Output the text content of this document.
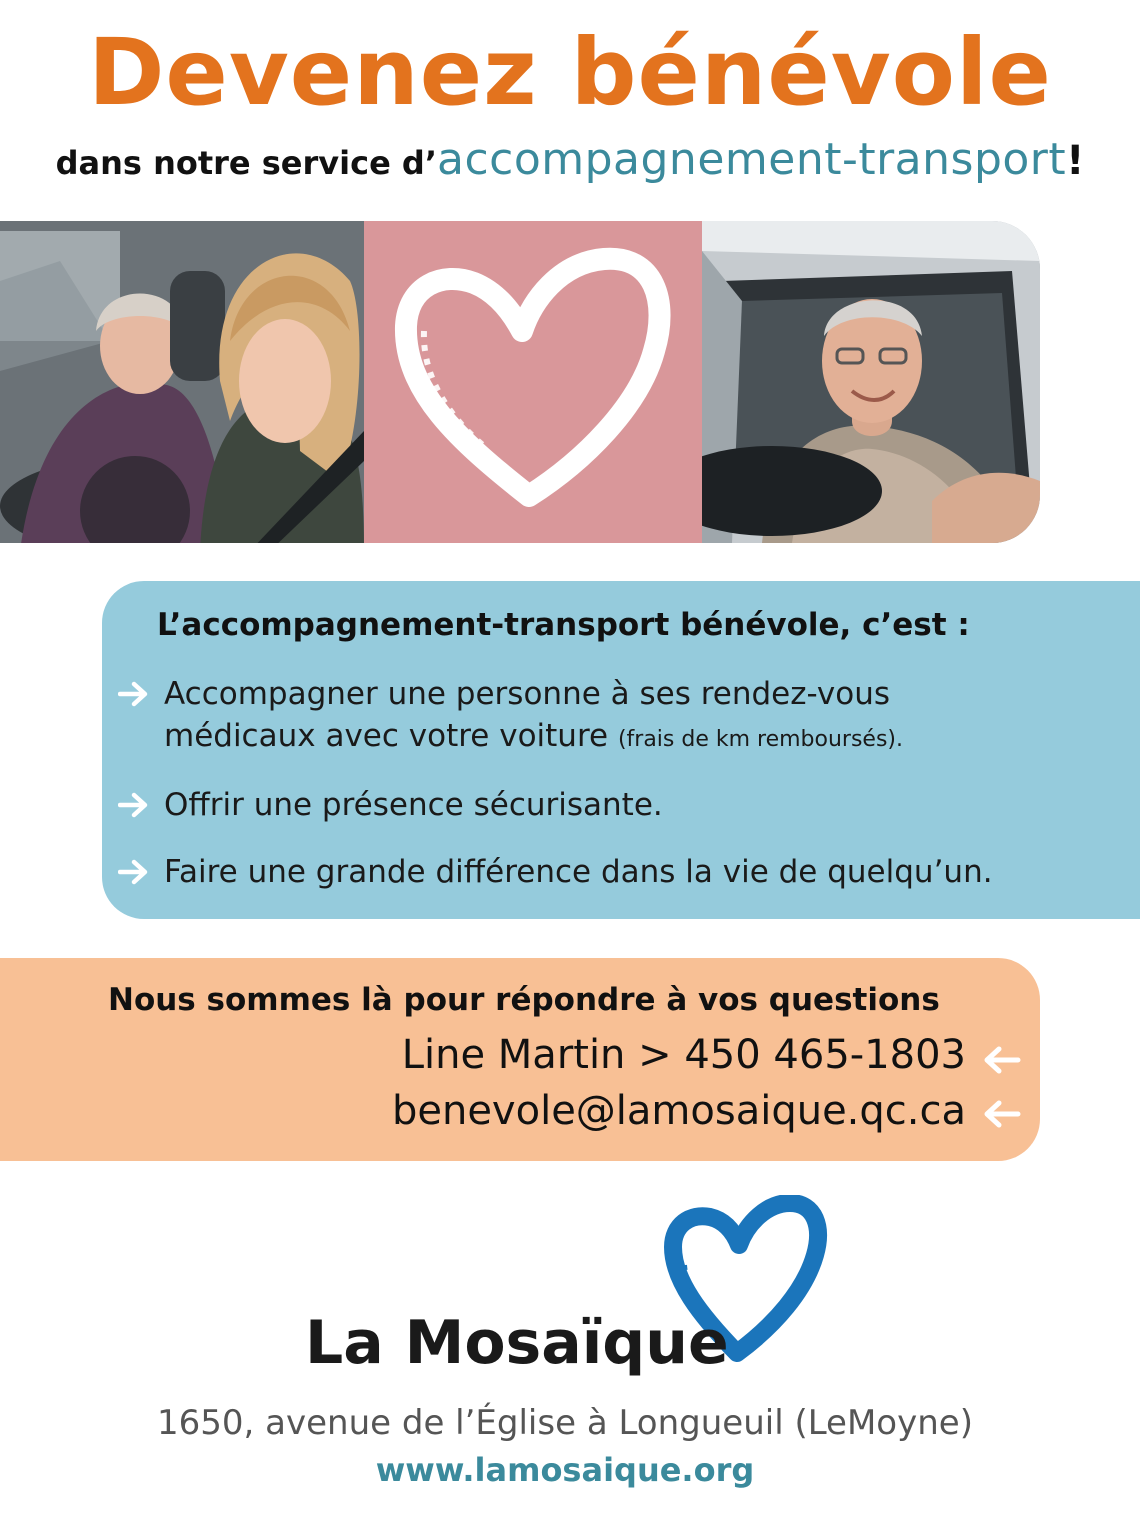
Devenez bénévole
dans notre service d’accompagnement-transport!
L’accompagnement-transport bénévole, c’est :
Accompagner une personne à ses rendez-vous
médicaux avec votre voiture (frais de km remboursés).
Offrir une présence sécurisante.
Faire une grande différence dans la vie de quelqu’un.
Nous sommes là pour répondre à vos questions
Line Martin > 450 465-1803
benevole@lamosaique.qc.ca
La Mosaïque
1650, avenue de l’Église à Longueuil (LeMoyne)
www.lamosaique.org
